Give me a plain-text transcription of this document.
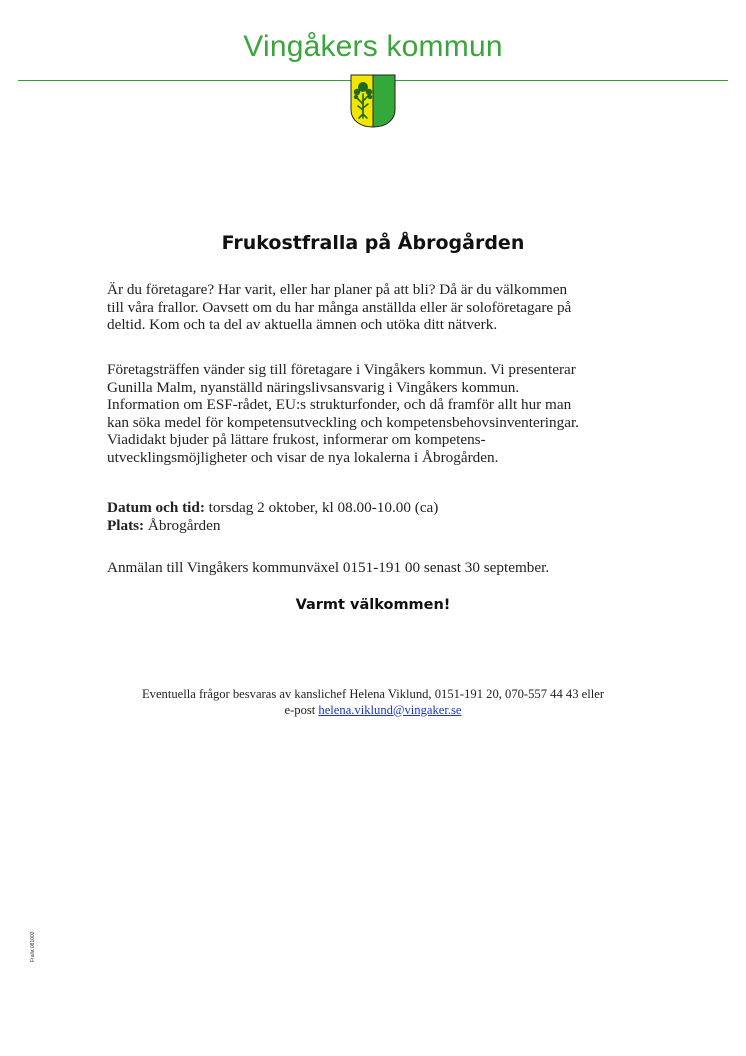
Vingåkers kommun
Frukostfralla på Åbrogården

Är du företagare? Har varit, eller har planer på att bli? Då är du välkommen
till våra frallor. Oavsett om du har många anställda eller är soloföretagare på
deltid. Kom och ta del av aktuella ämnen och utöka ditt nätverk.

Företagsträffen vänder sig till företagare i Vingåkers kommun. Vi presenterar
Gunilla Malm, nyanställd näringslivsansvarig i Vingåkers kommun.
Information om ESF-rådet, EU:s strukturfonder, och då framför allt hur man
kan söka medel för kompetensutveckling och kompetensbehovsinventeringar.
Viadidakt bjuder på lättare frukost, informerar om kompetens-
utvecklingsmöjligheter och visar de nya lokalerna i Åbrogården.

Datum och tid: torsdag 2 oktober, kl 08.00-10.00 (ca)
Plats: Åbrogården

Anmälan till Vingåkers kommunväxel 0151-191 00 senast 30 september.

Varmt välkommen!
Eventuella frågor besvaras av kanslichef Helena Viklund, 0151-191 20, 070-557 44 43 eller
e-post helena.viklund@vingaker.se
Fralla 081002
